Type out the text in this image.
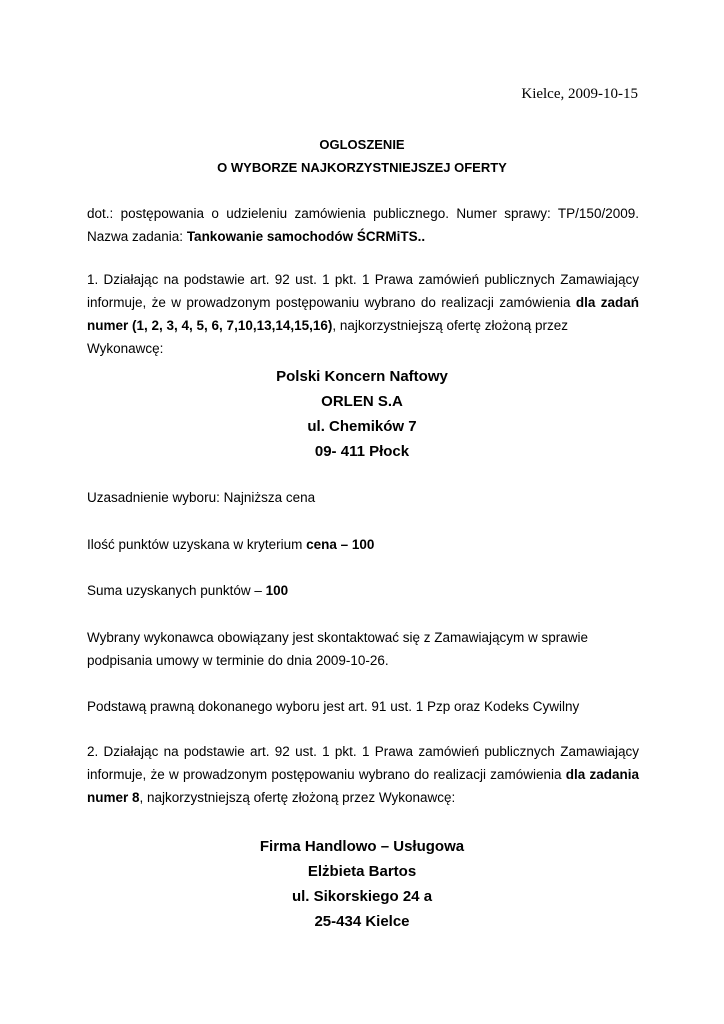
Kielce, 2009-10-15
OGLOSZENIE
O WYBORZE NAJKORZYSTNIEJSZEJ OFERTY
dot.: postępowania o udzieleniu zamówienia publicznego. Numer sprawy: TP/150/2009.
Nazwa zadania: Tankowanie samochodów ŚCRMiTS..
1. Działając na podstawie art. 92 ust. 1 pkt. 1 Prawa zamówień publicznych Zamawiający
informuje, że w prowadzonym postępowaniu wybrano do realizacji zamówienia dla zadań
numer (1, 2, 3, 4, 5, 6, 7,10,13,14,15,16), najkorzystniejszą ofertę złożoną przez
Wykonawcę:
Polski Koncern Naftowy
ORLEN S.A
ul. Chemików 7
09- 411 Płock
Uzasadnienie wyboru: Najniższa cena
Ilość punktów uzyskana w kryterium cena – 100
Suma uzyskanych punktów – 100
Wybrany wykonawca obowiązany jest skontaktować się z Zamawiającym w sprawie
podpisania umowy w terminie do dnia 2009-10-26.
Podstawą prawną dokonanego wyboru jest art. 91 ust. 1 Pzp oraz Kodeks Cywilny
2. Działając na podstawie art. 92 ust. 1 pkt. 1 Prawa zamówień publicznych Zamawiający
informuje, że w prowadzonym postępowaniu wybrano do realizacji zamówienia dla zadania
numer 8, najkorzystniejszą ofertę złożoną przez Wykonawcę:
Firma Handlowo – Usługowa
Elżbieta Bartos
ul. Sikorskiego 24 a
25-434 Kielce
